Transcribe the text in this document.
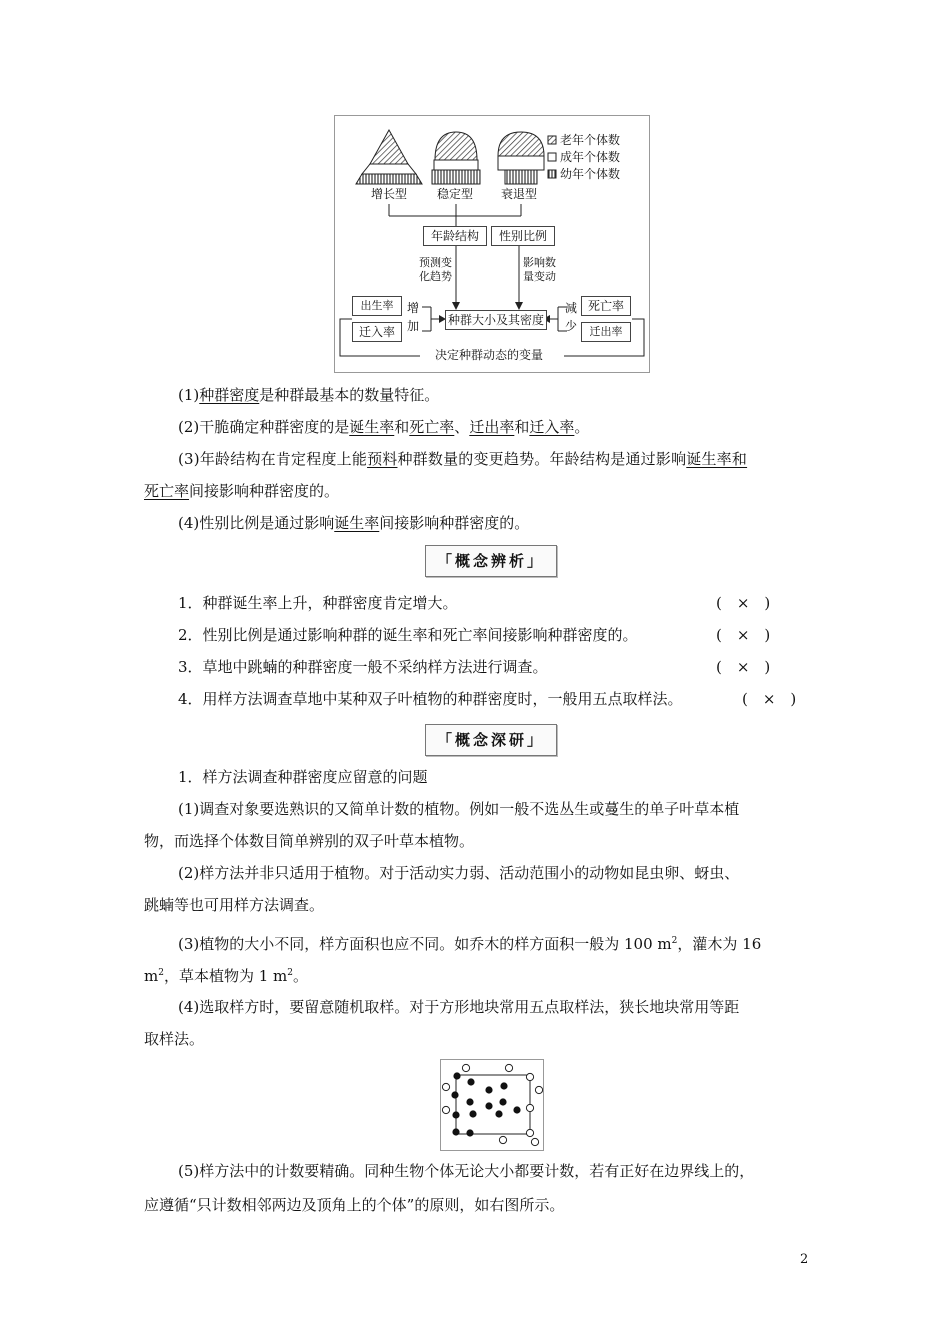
增长型 稳定型 衰退型
老年个体数
成年个体数
幼年个体数
年龄结构	性别比例
预测变
化趋势
影响数
量变动
种群大小及其密度
出生率
迁入率
增
加
死亡率
迁出率
减
少
决定种群动态的变量
(1)种群密度是种群最基本的数量特征。
(2)干脆确定种群密度的是诞生率和死亡率、迁出率和迁入率。
(3)年龄结构在肯定程度上能预料种群数量的变更趋势。年龄结构是通过影响诞生率和
死亡率间接影响种群密度的。
(4)性别比例是通过影响诞生率间接影响种群密度的。
「概念辨析」
1．种群诞生率上升，种群密度肯定增大。	(　×　)
2．性别比例是通过影响种群的诞生率和死亡率间接影响种群密度的。	(　×　)
3．草地中跳蝻的种群密度一般不采纳样方法进行调查。	(　×　)
4．用样方法调查草地中某种双子叶植物的种群密度时，一般用五点取样法。	(　×　)
「概念深研」
1．样方法调查种群密度应留意的问题
(1)调查对象要选熟识的又简单计数的植物。例如一般不选丛生或蔓生的单子叶草本植
物，而选择个体数目简单辨别的双子叶草本植物。
(2)样方法并非只适用于植物。对于活动实力弱、活动范围小的动物如昆虫卵、蚜虫、
跳蝻等也可用样方法调查。
(3)植物的大小不同，样方面积也应不同。如乔木的样方面积一般为 100 $m^2$，灌木为 16
$m^2$，草本植物为 1 $m^2$。
(4)选取样方时，要留意随机取样。对于方形地块常用五点取样法，狭长地块常用等距
取样法。
(5)样方法中的计数要精确。同种生物个体无论大小都要计数，若有正好在边界线上的，
应遵循“只计数相邻两边及顶角上的个体”的原则，如右图所示。
2
